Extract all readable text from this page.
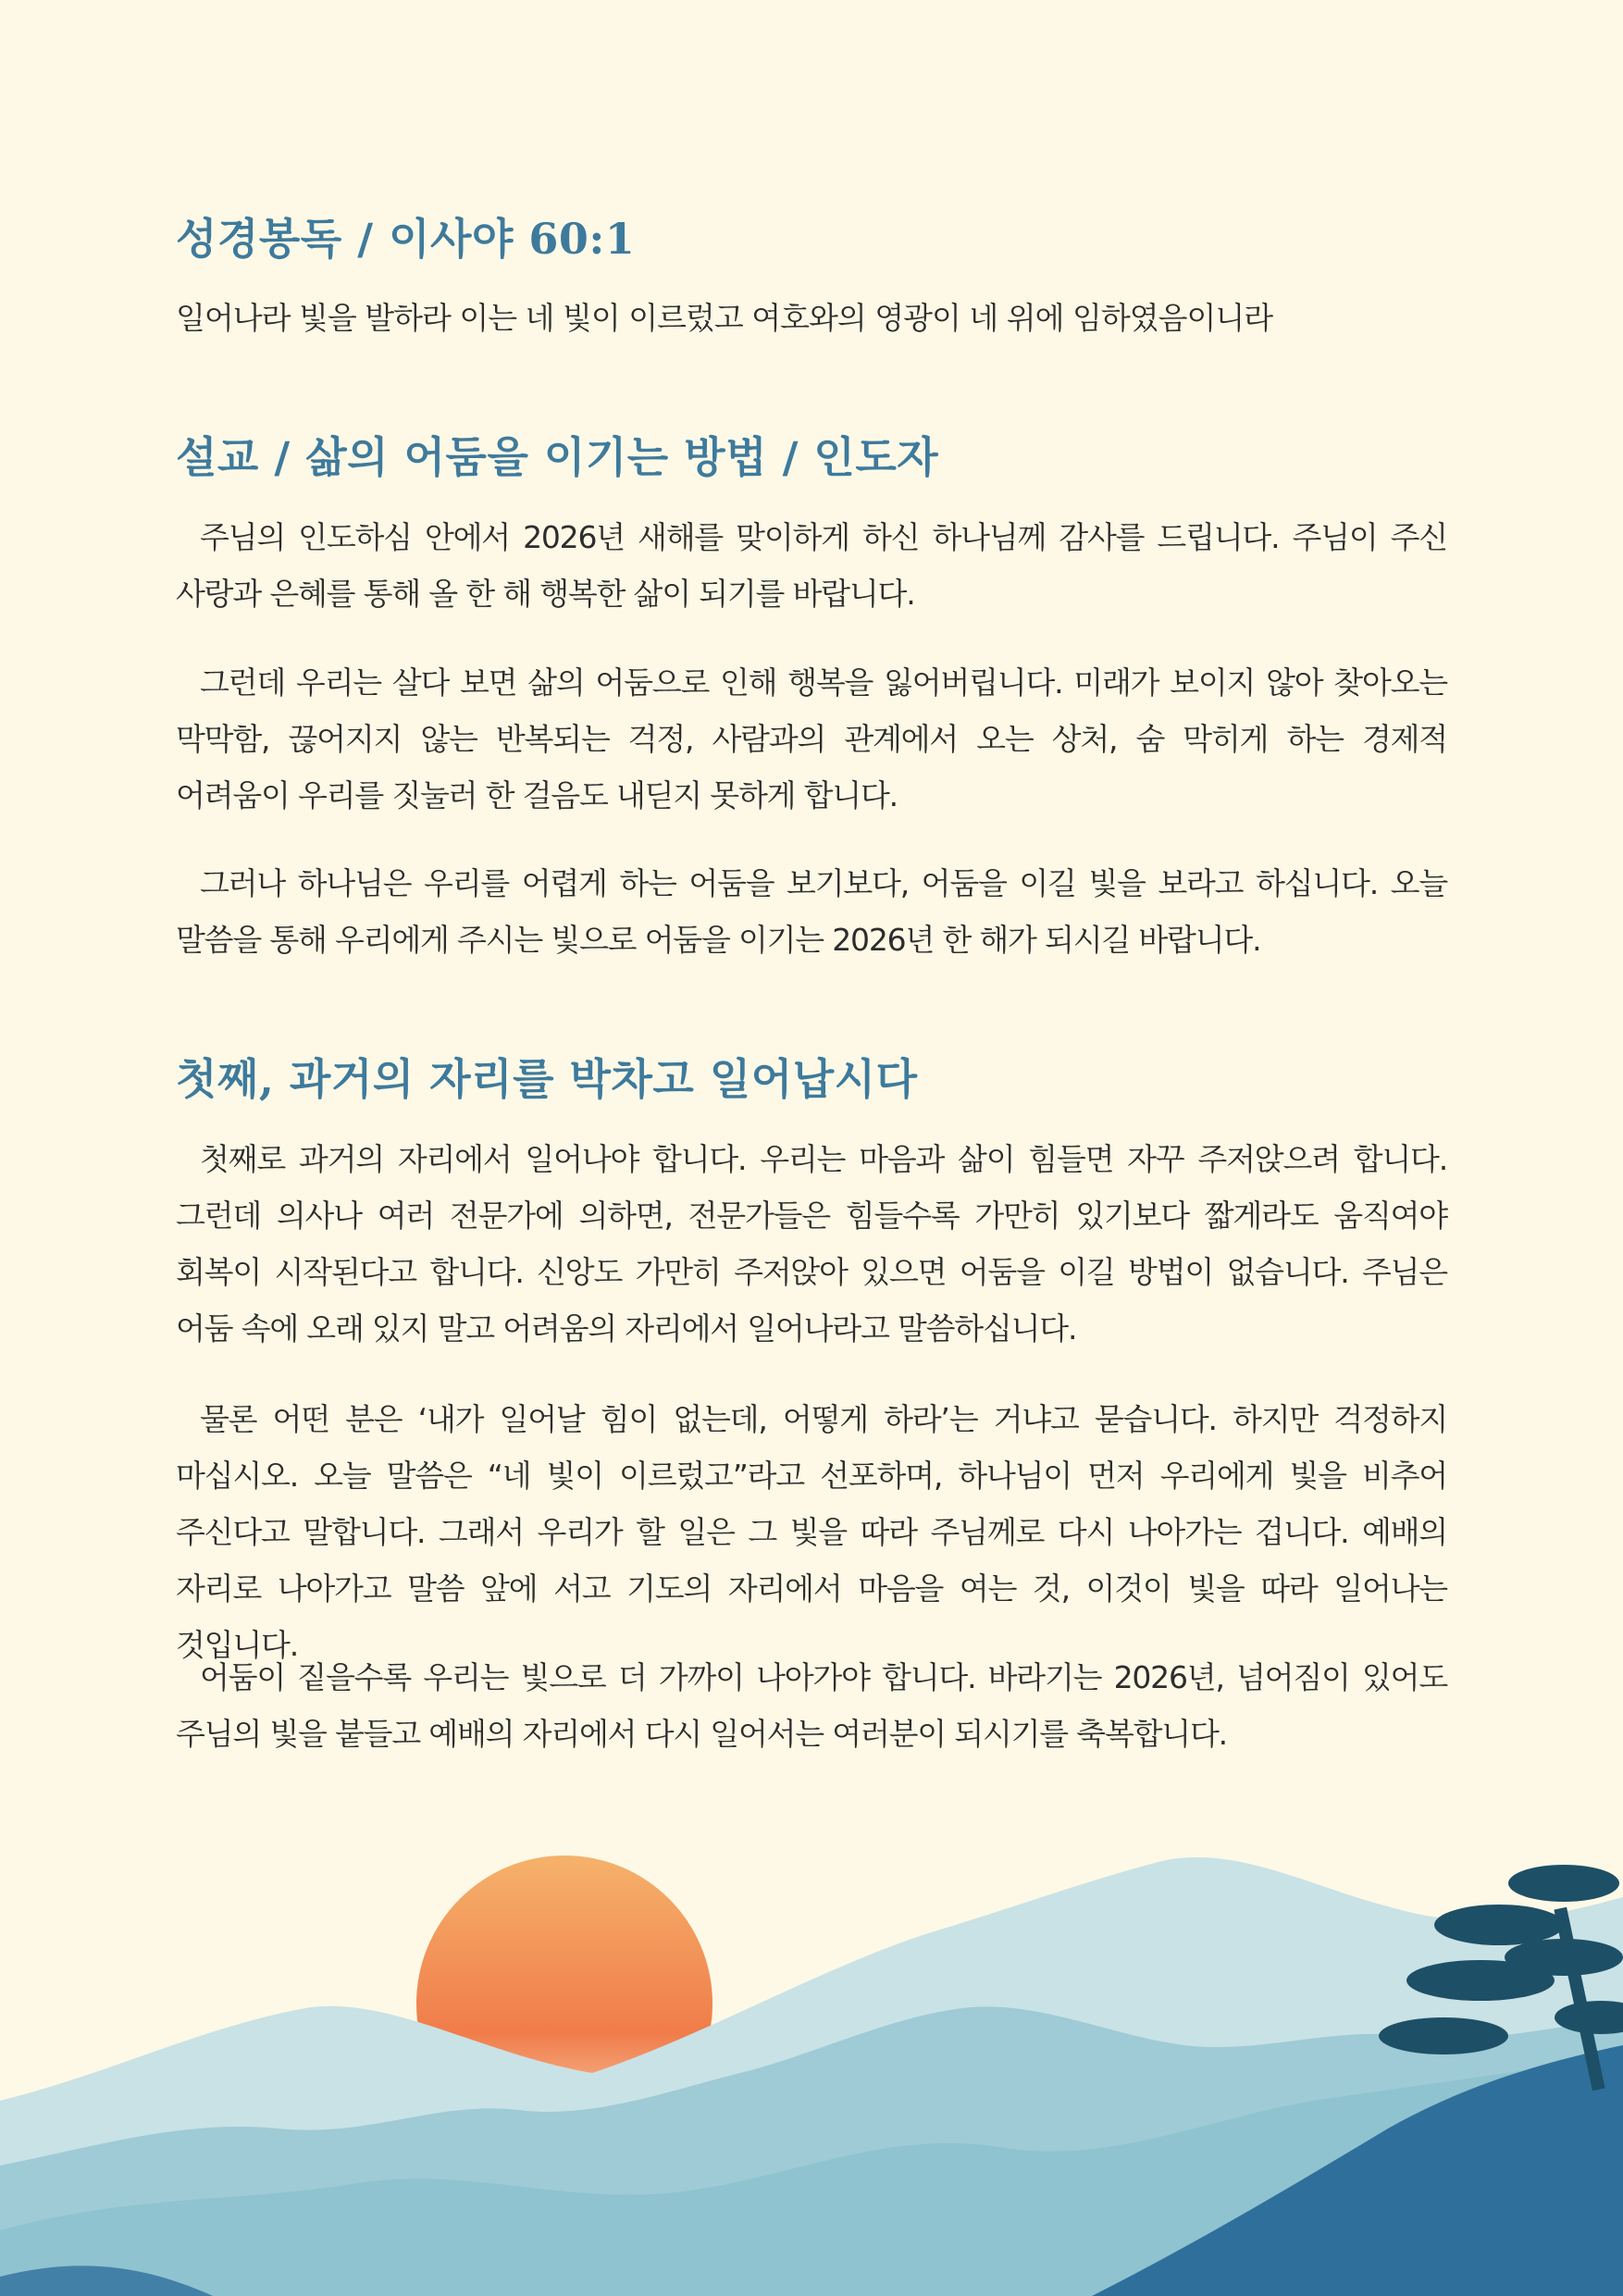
성경봉독 / 이사야 60:1

일어나라 빛을 발하라 이는 네 빛이 이르렀고 여호와의 영광이 네 위에 임하였음이니라

설교 / 삶의 어둠을 이기는 방법 / 인도자

주님의 인도하심 안에서 2026년 새해를 맞이하게 하신 하나님께 감사를 드립니다. 주님이 주신 사랑과 은혜를 통해 올 한 해 행복한 삶이 되기를 바랍니다.

그런데 우리는 살다 보면 삶의 어둠으로 인해 행복을 잃어버립니다. 미래가 보이지 않아 찾아오는 막막함, 끊어지지 않는 반복되는 걱정, 사람과의 관계에서 오는 상처, 숨 막히게 하는 경제적 어려움이 우리를 짓눌러 한 걸음도 내딛지 못하게 합니다.

그러나 하나님은 우리를 어렵게 하는 어둠을 보기보다, 어둠을 이길 빛을 보라고 하십니다. 오늘 말씀을 통해 우리에게 주시는 빛으로 어둠을 이기는 2026년 한 해가 되시길 바랍니다.

첫째, 과거의 자리를 박차고 일어납시다

첫째로 과거의 자리에서 일어나야 합니다. 우리는 마음과 삶이 힘들면 자꾸 주저앉으려 합니다. 그런데 의사나 여러 전문가에 의하면, 전문가들은 힘들수록 가만히 있기보다 짧게라도 움직여야 회복이 시작된다고 합니다. 신앙도 가만히 주저앉아 있으면 어둠을 이길 방법이 없습니다. 주님은 어둠 속에 오래 있지 말고 어려움의 자리에서 일어나라고 말씀하십니다.

물론 어떤 분은 ‘내가 일어날 힘이 없는데, 어떻게 하라’는 거냐고 묻습니다. 하지만 걱정하지 마십시오. 오늘 말씀은 “네 빛이 이르렀고”라고 선포하며, 하나님이 먼저 우리에게 빛을 비추어 주신다고 말합니다. 그래서 우리가 할 일은 그 빛을 따라 주님께로 다시 나아가는 겁니다. 예배의 자리로 나아가고 말씀 앞에 서고 기도의 자리에서 마음을 여는 것, 이것이 빛을 따라 일어나는 것입니다.

어둠이 짙을수록 우리는 빛으로 더 가까이 나아가야 합니다. 바라기는 2026년, 넘어짐이 있어도 주님의 빛을 붙들고 예배의 자리에서 다시 일어서는 여러분이 되시기를 축복합니다.
